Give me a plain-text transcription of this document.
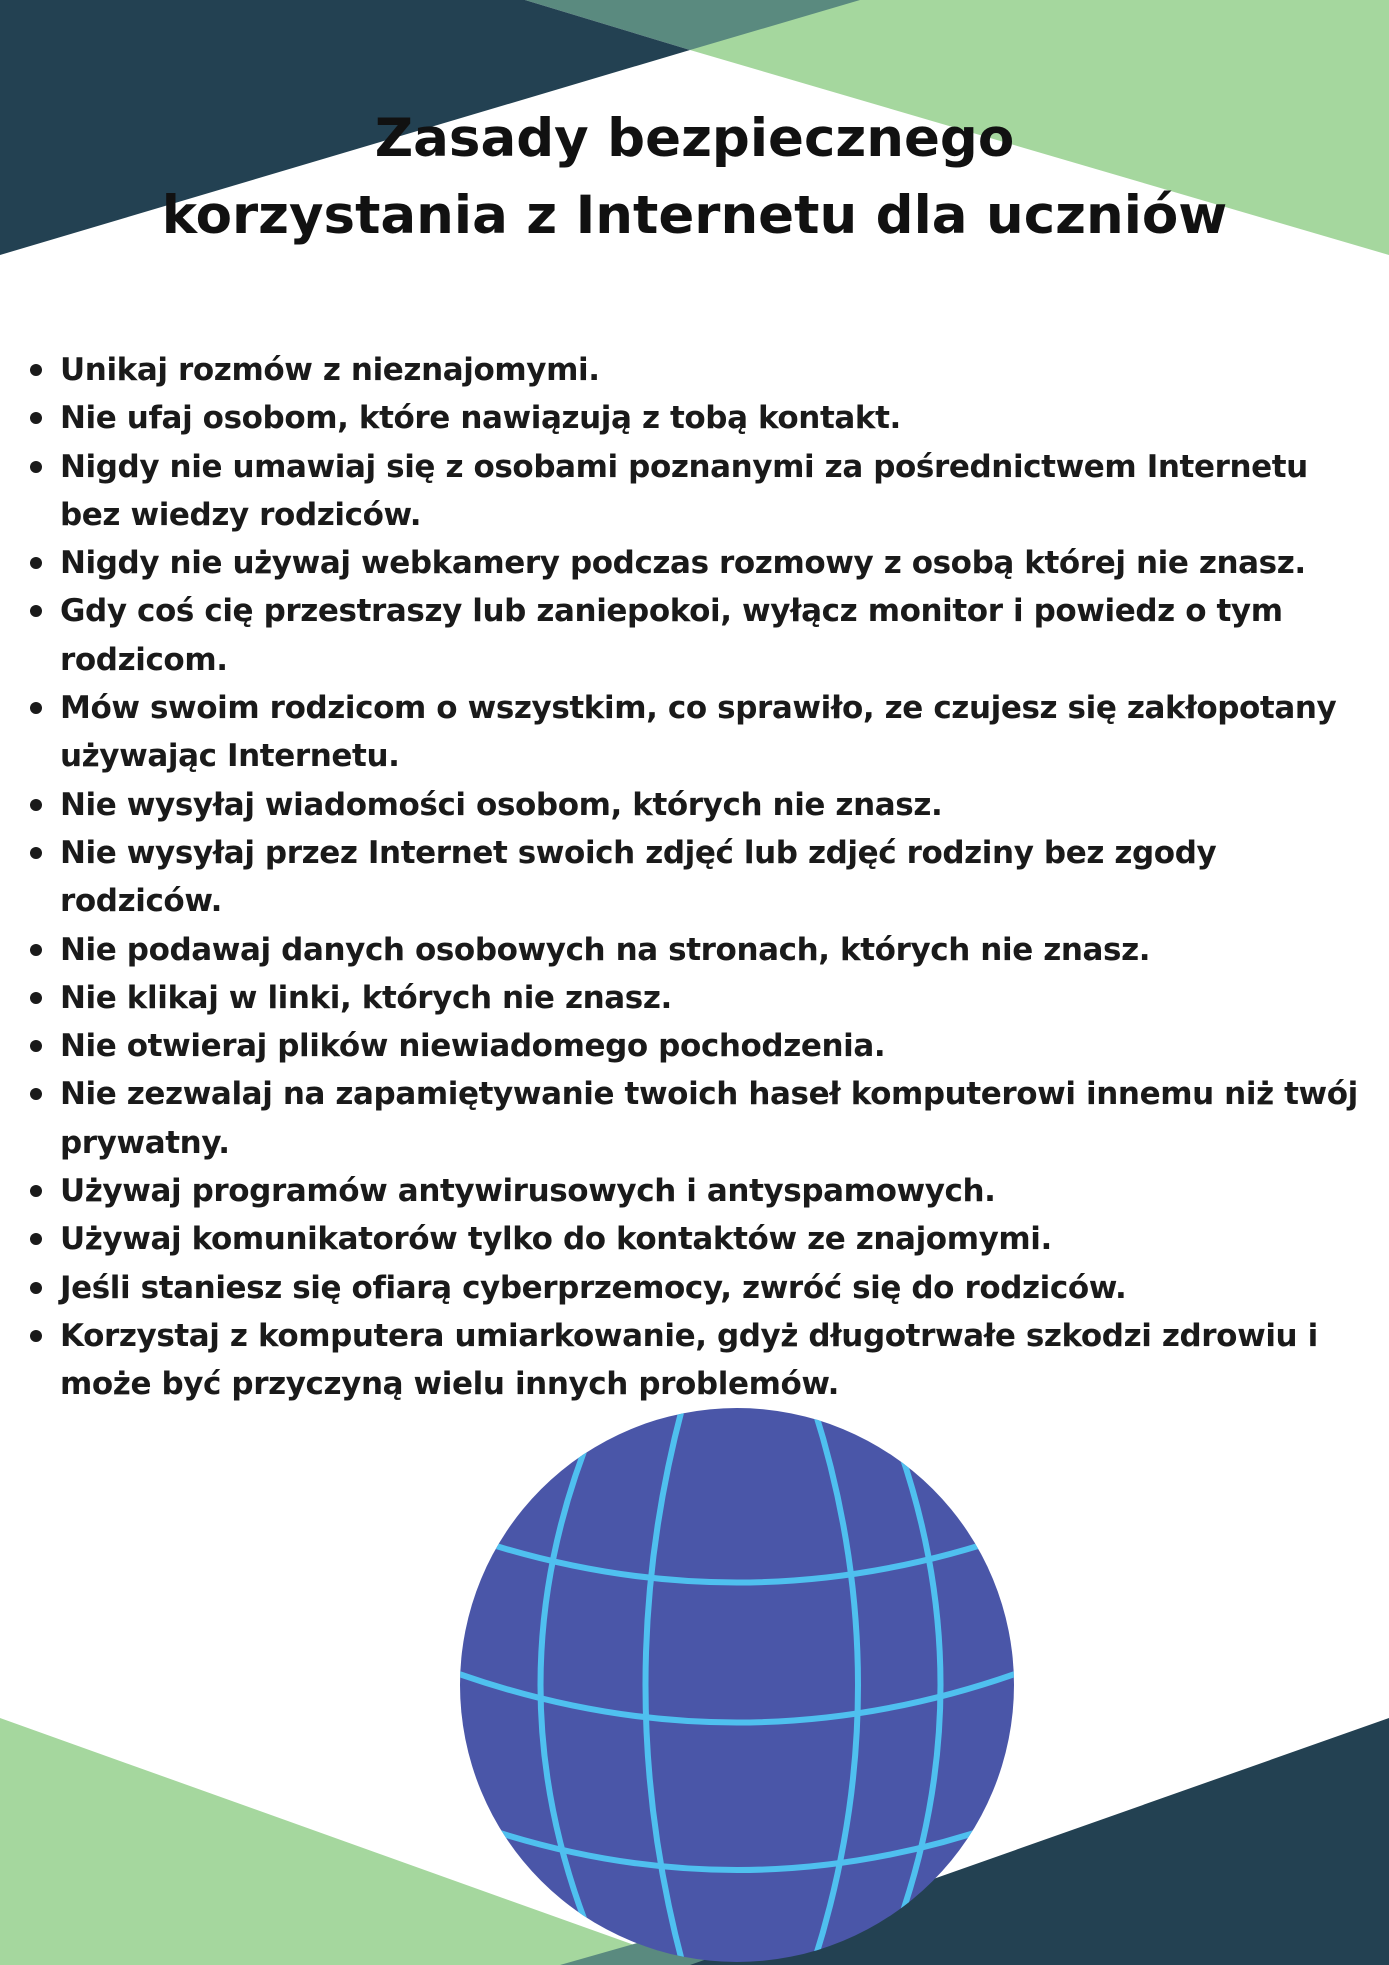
Zasady bezpiecznego
korzystania z Internetu dla uczniów
Unikaj rozmów z nieznajomymi.
Nie ufaj osobom, które nawiązują z tobą kontakt.
Nigdy nie umawiaj się z osobami poznanymi za pośrednictwem Internetu bez wiedzy rodziców.
Nigdy nie używaj webkamery podczas rozmowy z osobą której nie znasz.
Gdy coś cię przestraszy lub zaniepokoi, wyłącz monitor i powiedz o tym rodzicom.
Mów swoim rodzicom o wszystkim, co sprawiło, ze czujesz się zakłopotany używając Internetu.
Nie wysyłaj wiadomości osobom, których nie znasz.
Nie wysyłaj przez Internet swoich zdjęć lub zdjęć rodziny bez zgody rodziców.
Nie podawaj danych osobowych na stronach, których nie znasz.
Nie klikaj w linki, których nie znasz.
Nie otwieraj plików niewiadomego pochodzenia.
Nie zezwalaj na zapamiętywanie twoich haseł komputerowi innemu niż twój prywatny.
Używaj programów antywirusowych i antyspamowych.
Używaj komunikatorów tylko do kontaktów ze znajomymi.
Jeśli staniesz się ofiarą cyberprzemocy, zwróć się do rodziców.
Korzystaj z komputera umiarkowanie, gdyż długotrwałe szkodzi zdrowiu i może być przyczyną wielu innych problemów.
